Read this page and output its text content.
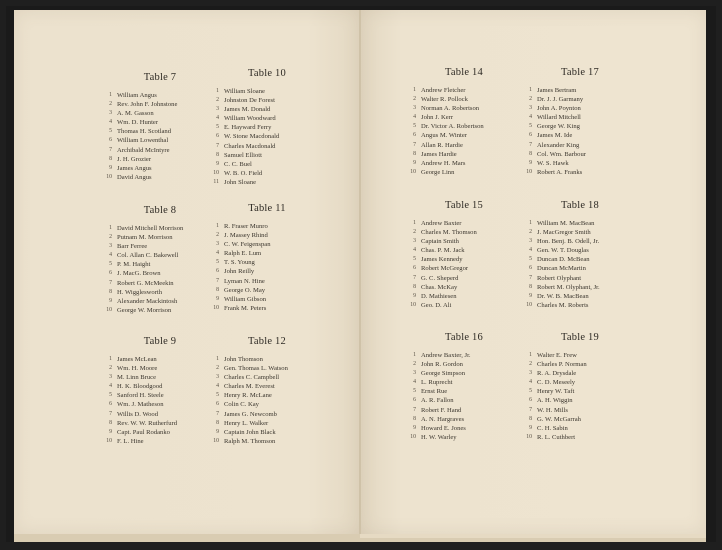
Table 7
1 William Angus
2 Rev. John F. Johnstone
3 A. M. Gasson
4 Wm. D. Hunter
5 Thomas H. Scotland
6 William Lowenthal
7 Archibald McIntyre
8 J. H. Grozier
9 James Angus
10 David Angus
Table 10
1 William Sloane
2 Johnston De Forest
3 James M. Donald
4 William Woodward
5 E. Hayward Ferry
6 W. Stone Macdonald
7 Charles Macdonald
8 Samuel Elliott
9 C. C. Buel
10 W. B. O. Field
11 John Sloane
Table 8
1 David Mitchell Morrison
2 Putnam M. Morrison
3 Barr Ferree
4 Col. Allan C. Bakewell
5 P. M. Haight
6 J. MacG. Brown
7 Robert G. McMeekin
8 H. Wigglesworth
9 Alexander Mackintosh
10 George W. Morrison
Table 11
1 R. Fraser Munro
2 J. Massey Rhind
3 C. W. Feigenspan
4 Ralph E. Lum
5 T. S. Young
6 John Reilly
7 Lyman N. Hine
8 George O. May
9 William Gibson
10 Frank M. Peters
Table 9
1 James McLean
2 Wm. H. Moore
3 M. Linn Bruce
4 H. K. Bloodgood
5 Sanford H. Steele
6 Wm. J. Matheson
7 Willis D. Wood
8 Rev. W. W. Rutherfurd
9 Capt. Paul Rodanko
10 F. L. Hine
Table 12
1 John Thomson
2 Gen. Thomas L. Watson
3 Charles C. Campbell
4 Charles M. Everest
5 Henry R. McLane
6 Colin C. Kay
7 James G. Newcomb
8 Henry L. Walker
9 Captain John Black
10 Ralph M. Thomson
Table 14
1 Andrew Fletcher
2 Walter R. Pollock
3 Norman A. Robertson
4 John J. Kerr
5 Dr. Victor A. Robertson
6 Angus M. Winter
7 Allan R. Hardie
8 James Hardie
9 Andrew H. Mars
10 George Linn
Table 17
1 James Bertram
2 Dr. J. J. Garmany
3 John A. Poynton
4 Willard Mitchell
5 George W. King
6 James M. Ide
7 Alexander King
8 Col. Wm. Barbour
9 W. S. Hawk
10 Robert A. Franks
Table 15
1 Andrew Baxter
2 Charles M. Thomson
3 Captain Smith
4 Chas. P. M. Jack
5 James Kennedy
6 Robert McGregor
7 G. C. Sheperd
8 Chas. McKay
9 D. Mathiesen
10 Geo. D. Ali
Table 18
1 William M. MacBean
2 J. MacGregor Smith
3 Hon. Benj. B. Odell, Jr.
4 Gen. W. T. Douglas
5 Duncan D. McBean
6 Duncan McMartin
7 Robert Olyphant
8 Robert M. Olyphant, Jr.
9 Dr. W. B. MacBean
10 Charles M. Roberts
Table 16
1 Andrew Baxter, Jr.
2 John R. Gordon
3 George Simpson
4 L. Ruprecht
5 Ernst Rue
6 A. R. Fallon
7 Robert F. Hand
8 A. N. Hargraves
9 Howard E. Jones
10 H. W. Warley
Table 19
1 Walter E. Frew
2 Charles P. Norman
3 R. A. Drysdale
4 C. D. Meseely
5 Henry W. Taft
6 A. H. Wiggin
7 W. H. Mills
8 G. W. McGarrah
9 C. H. Sabin
10 R. L. Cuthbert
